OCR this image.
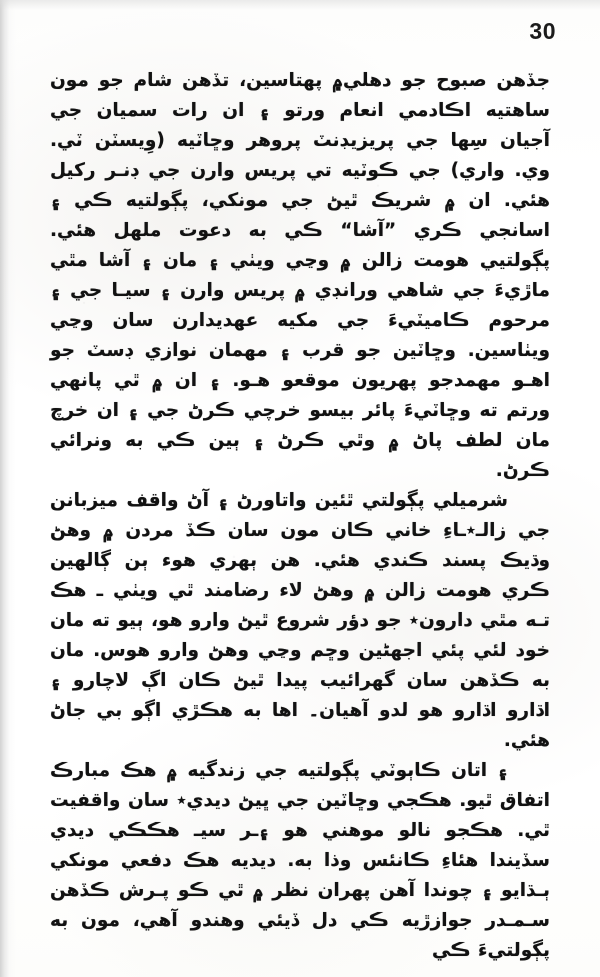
30

جڏهن صبوح جو دهلي۾ پهتاسين، تڏهن شام جو مون ساهتيه اڪادمي انعام ورتو ۽ ان رات سميان جي آجيان سِها جي پريزيڊنٽ پروهر وڇاٽيه (وِيسٽن ٽي. وي. واري) جي ڪوٽيه تي پريس وارن جي ڊنـر رکيل هئي. ان ۾ شريڪ ٿيڻ جي مونکي، پڳولتيه ڪي ۽ اسانجي ڪري ”آشا“ ڪي به دعوت ملهل هئي. پڳولتيي هومت زالن ۾ وڃي ويٺي ۽ مان ۽ آشا مٿي ماڙيءَ جي شاهي ورانڊي ۾ پريس وارن ۽ سيـا جي ۽ مرحوم ڪاميٽيءَ جي مکيه عهديدارن سان وڃي ويٺاسين. وڇاٽين جو قرب ۽ مهمان نوازي ڊسٽ جو اهـو مهمدجو پهريون موقعو هـو. ۽ ان ۾ ٿي پانهي ورتم ته وڇاٽيءَ پائر بيسو خرچي ڪرڻ جي ۽ ان خرچ مان لطف پاڻ ۾ وٿي ڪرڻ ۽ ٻين ڪي به ونرائي ڪرڻ.

شرميلي پڳولتي ٿئين واتاورڻ ۽ آڻ واقف ميزبانن جي زالـ٭ـاءِ خاني ڪان مون سان ڪڏ مردن ۾ وهڻ وڌيڪ پسند ڪندي هئي. هن ٻهري هوء ٻن ڳالهين ڪري هومت زالن ۾ وهڻ لاء رضامند ٿي ويٺي ـ هڪ تـه مٿي دارون٭ جو دؤر شروع ٿيڻ وارو هو، ٻيو ته مان خود لئي پئي اجهڻين وڇم وڃي وهڻ وارو هوس. مان به ڪڏهن سان گهرائيب پيدا ٿيڻ ڪان اڳ لاچارو ۽ اڌارو اڌارو هو لدو آهيان۔ اها به هڪڙي اڳو بي جاڻ هئي.

۽ اتان ڪاٻوٽي پڳولتيه جي زندگيه ۾ هڪ مبارڪ اتفاق ٿيو. هڪجي وڇاٽين جي ڀيڻ ديدي٭ سان واقفيت ٿي. هڪجو نالو موهني هو ۽ـر سيـ هڪڪي ديدي سڏيندا هئاءِ ڪانئس وذا به. ديديه هڪ دفعي مونکي ٻـڌايو ۽ چوندا آهن پهران نظر ۾ ٿي ڪو پـرش ڪڏهن سـمـدر جوازڙيه ڪي دل ڏيئي وهندو آهي، مون به پڳولتيءَ ڪي
